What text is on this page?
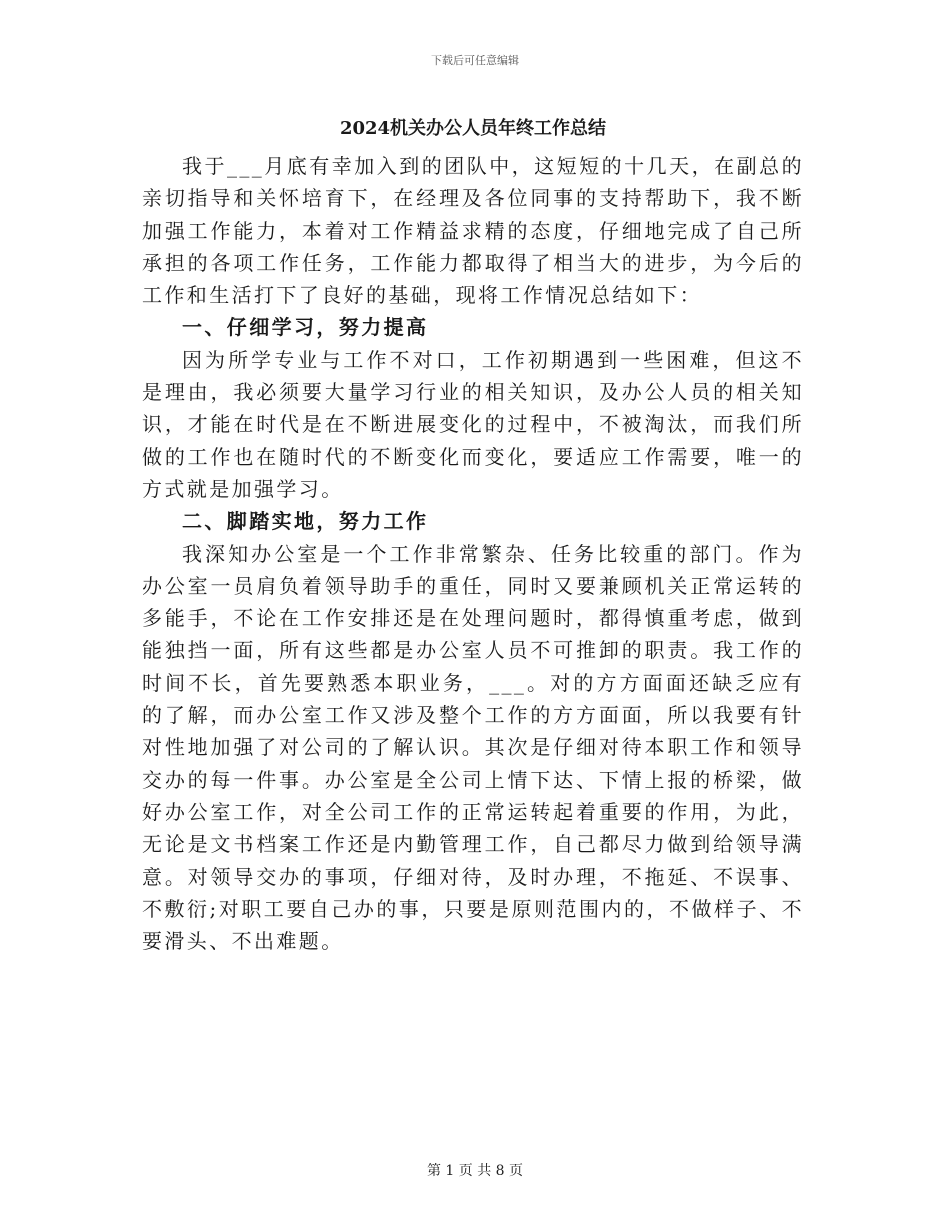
下载后可任意编辑
2024机关办公人员年终工作总结

我于___月底有幸加入到的团队中，这短短的十几天，在副总的亲切指导和关怀培育下，在经理及各位同事的支持帮助下，我不断加强工作能力，本着对工作精益求精的态度，仔细地完成了自己所承担的各项工作任务，工作能力都取得了相当大的进步，为今后的工作和生活打下了良好的基础，现将工作情况总结如下：

一、仔细学习，努力提高

因为所学专业与工作不对口，工作初期遇到一些困难，但这不是理由，我必须要大量学习行业的相关知识，及办公人员的相关知识，才能在时代是在不断进展变化的过程中，不被淘汰，而我们所做的工作也在随时代的不断变化而变化，要适应工作需要，唯一的方式就是加强学习。

二、脚踏实地，努力工作

我深知办公室是一个工作非常繁杂、任务比较重的部门。作为办公室一员肩负着领导助手的重任，同时又要兼顾机关正常运转的多能手，不论在工作安排还是在处理问题时，都得慎重考虑，做到能独挡一面，所有这些都是办公室人员不可推卸的职责。我工作的时间不长，首先要熟悉本职业务，___。对的方方面面还缺乏应有的了解，而办公室工作又涉及整个工作的方方面面，所以我要有针对性地加强了对公司的了解认识。其次是仔细对待本职工作和领导交办的每一件事。办公室是全公司上情下达、下情上报的桥梁，做好办公室工作，对全公司工作的正常运转起着重要的作用，为此，无论是文书档案工作还是内勤管理工作，自己都尽力做到给领导满意。对领导交办的事项，仔细对待，及时办理，不拖延、不误事、不敷衍;对职工要自己办的事，只要是原则范围内的，不做样子、不要滑头、不出难题。

第 1 页 共 8 页
